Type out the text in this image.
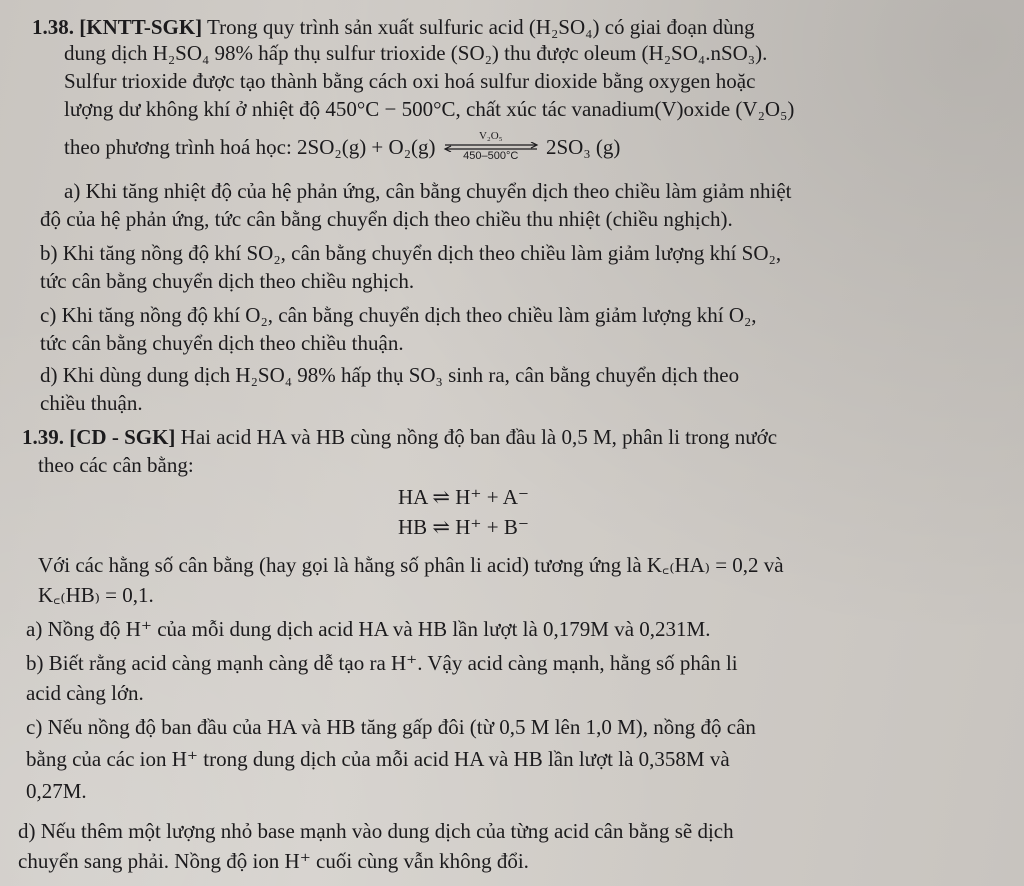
1.38. [KNTT-SGK] Trong quy trình sản xuất sulfuric acid (H₂SO₄) có giai đoạn dùng
dung dịch H₂SO₄ 98% hấp thụ sulfur trioxide (SO₂) thu được oleum (H₂SO₄.nSO₃).
Sulfur trioxide được tạo thành bằng cách oxi hoá sulfur dioxide bằng oxygen hoặc
lượng dư không khí ở nhiệt độ 450°C − 500°C, chất xúc tác vanadium(V)oxide (V₂O₅)
theo phương trình hoá học: 2SO₂(g) + O₂(g)	V₂O₅
450–500°C	2SO₃ (g)
a) Khi tăng nhiệt độ của hệ phản ứng, cân bằng chuyển dịch theo chiều làm giảm nhiệt
độ của hệ phản ứng, tức cân bằng chuyển dịch theo chiều thu nhiệt (chiều nghịch).
b) Khi tăng nồng độ khí SO₂, cân bằng chuyển dịch theo chiều làm giảm lượng khí SO₂,
tức cân bằng chuyển dịch theo chiều nghịch.
c) Khi tăng nồng độ khí O₂, cân bằng chuyển dịch theo chiều làm giảm lượng khí O₂,
tức cân bằng chuyển dịch theo chiều thuận.
d) Khi dùng dung dịch H₂SO₄ 98% hấp thụ SO₃ sinh ra, cân bằng chuyển dịch theo
chiều thuận.
1.39. [CD - SGK] Hai acid HA và HB cùng nồng độ ban đầu là 0,5 M, phân li trong nước
theo các cân bằng:
HA ⇌ H⁺ + A⁻
HB ⇌ H⁺ + B⁻
Với các hằng số cân bằng (hay gọi là hằng số phân li acid) tương ứng là K꜀₍HA₎ = 0,2 và
K꜀₍HB₎ = 0,1.
a) Nồng độ H⁺ của mỗi dung dịch acid HA và HB lần lượt là 0,179M và 0,231M.
b) Biết rằng acid càng mạnh càng dễ tạo ra H⁺. Vậy acid càng mạnh, hằng số phân li
acid càng lớn.
c) Nếu nồng độ ban đầu của HA và HB tăng gấp đôi (từ 0,5 M lên 1,0 M), nồng độ cân
bằng của các ion H⁺ trong dung dịch của mỗi acid HA và HB lần lượt là 0,358M và
0,27M.
d) Nếu thêm một lượng nhỏ base mạnh vào dung dịch của từng acid cân bằng sẽ dịch
chuyển sang phải. Nồng độ ion H⁺ cuối cùng vẫn không đổi.
